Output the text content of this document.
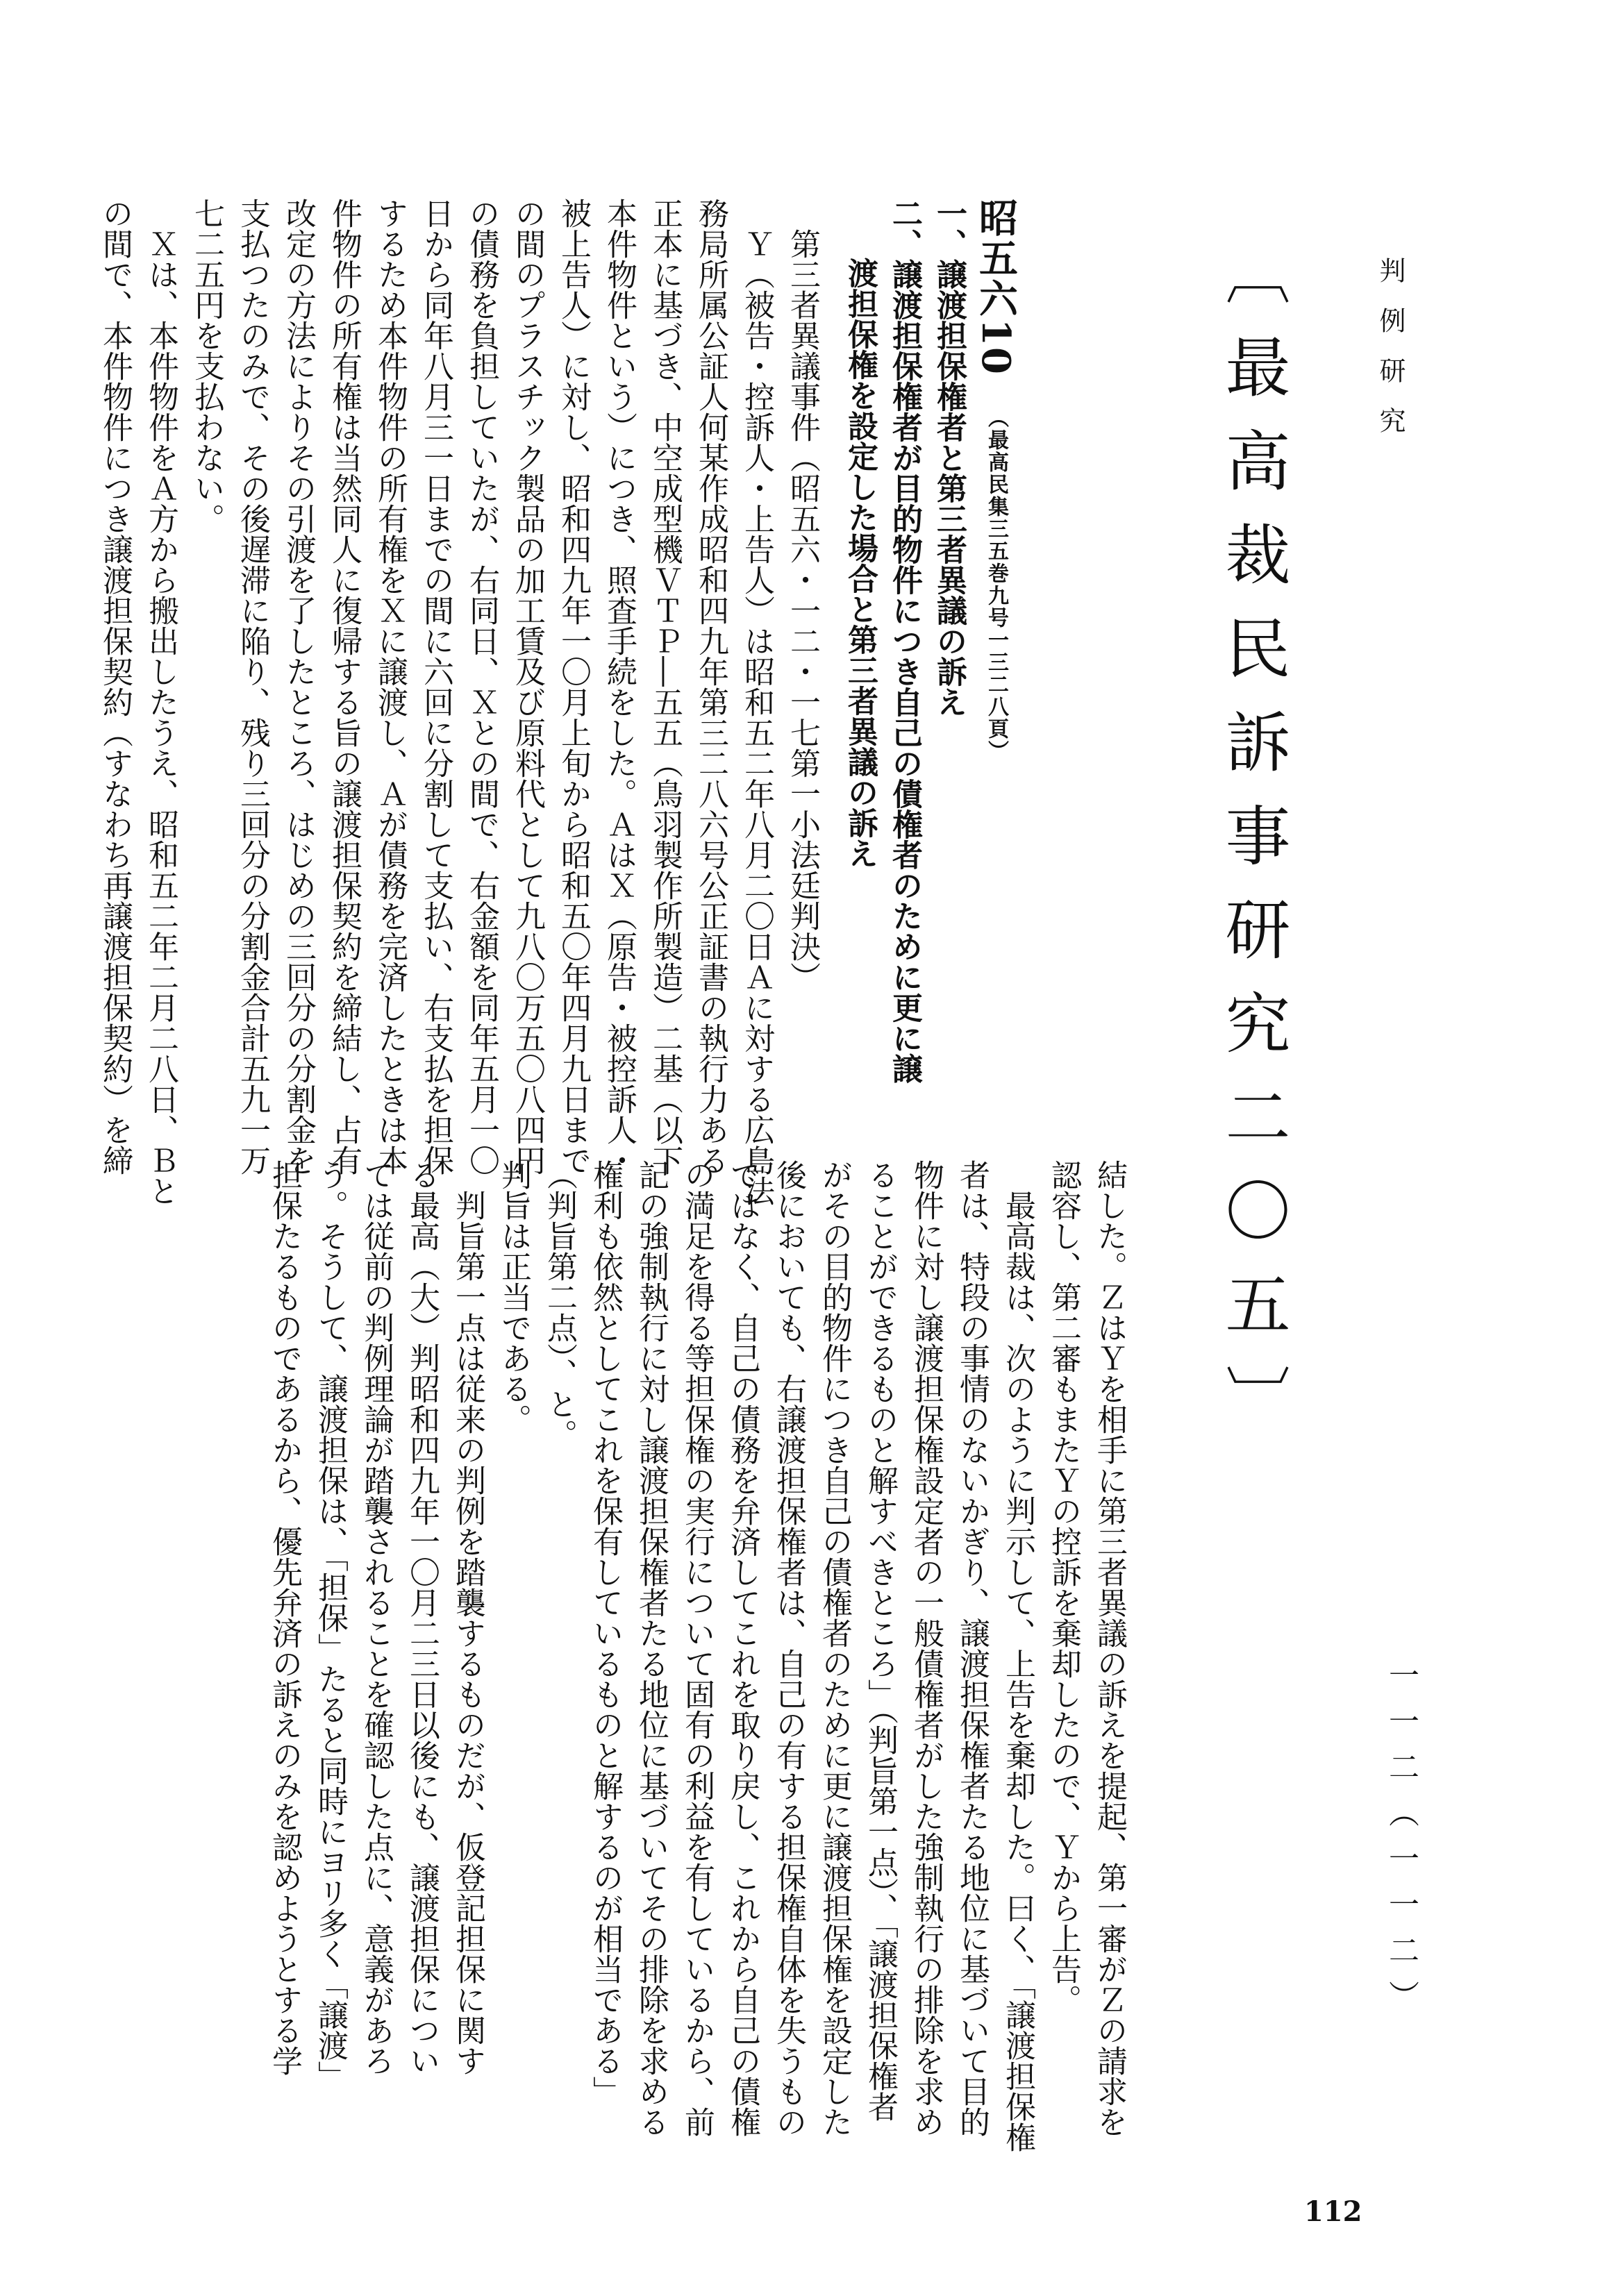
判例研究
〔最高裁民訴事研究二〇五〕
一一二（一一二）
112
昭五六10 （最高民集三五巻九号一三二八頁）
一、譲渡担保権者と第三者異議の訴え
二、譲渡担保権者が目的物件につき自己の債権者のために更に譲
渡担保権を設定した場合と第三者異議の訴え
第三者異議事件（昭五六・一二・一七第一小法廷判決）
Ｙ（被告・控訴人・上告人）は昭和五二年八月二〇日Ａに対する広島法
務局所属公証人何某作成昭和四九年第三二八六号公正証書の執行力ある
正本に基づき、中空成型機ＶＴＰ―五五（鳥羽製作所製造）二基（以下
本件物件という）につき、照査手続をした。ＡはＸ（原告・被控訴人・
被上告人）に対し、昭和四九年一〇月上旬から昭和五〇年四月九日まで
の間のプラスチック製品の加工賃及び原料代として九八〇万五〇八四円
の債務を負担していたが、右同日、Ｘとの間で、右金額を同年五月一〇
日から同年八月三一日までの間に六回に分割して支払い、右支払を担保
するため本件物件の所有権をＸに譲渡し、Ａが債務を完済したときは本
件物件の所有権は当然同人に復帰する旨の譲渡担保契約を締結し、占有
改定の方法によりその引渡を了したところ、はじめの三回分の分割金を
支払つたのみで、その後遅滞に陥り、残り三回分の分割金合計五九一万
七二五円を支払わない。
Ｘは、本件物件をＡ方から搬出したうえ、昭和五二年二月二八日、Ｂと
の間で、本件物件につき譲渡担保契約（すなわち再譲渡担保契約）を締
結した。ＺはＹを相手に第三者異議の訴えを提起、第一審がＺの請求を
認容し、第二審もまたＹの控訴を棄却したので、Ｙから上告。
最高裁は、次のように判示して、上告を棄却した。曰く、「譲渡担保権
者は、特段の事情のないかぎり、譲渡担保権者たる地位に基づいて目的
物件に対し譲渡担保権設定者の一般債権者がした強制執行の排除を求め
ることができるものと解すべきところ」（判旨第一点）、「譲渡担保権者
がその目的物件につき自己の債権者のために更に譲渡担保権を設定した
後においても、右譲渡担保権者は、自己の有する担保権自体を失うもの
ではなく、自己の債務を弁済してこれを取り戻し、これから自己の債権
の満足を得る等担保権の実行について固有の利益を有しているから、前
記の強制執行に対し譲渡担保権者たる地位に基づいてその排除を求める
権利も依然としてこれを保有しているものと解するのが相当である」
（判旨第二点）、と。
判旨は正当である。
判旨第一点は従来の判例を踏襲するものだが、仮登記担保に関す
る最高（大）判昭和四九年一〇月二三日以後にも、譲渡担保につい
ては従前の判例理論が踏襲されることを確認した点に、意義があろ
う。そうして、譲渡担保は、「担保」たると同時にヨリ多く「譲渡」
担保たるものであるから、優先弁済の訴えのみを認めようとする学
